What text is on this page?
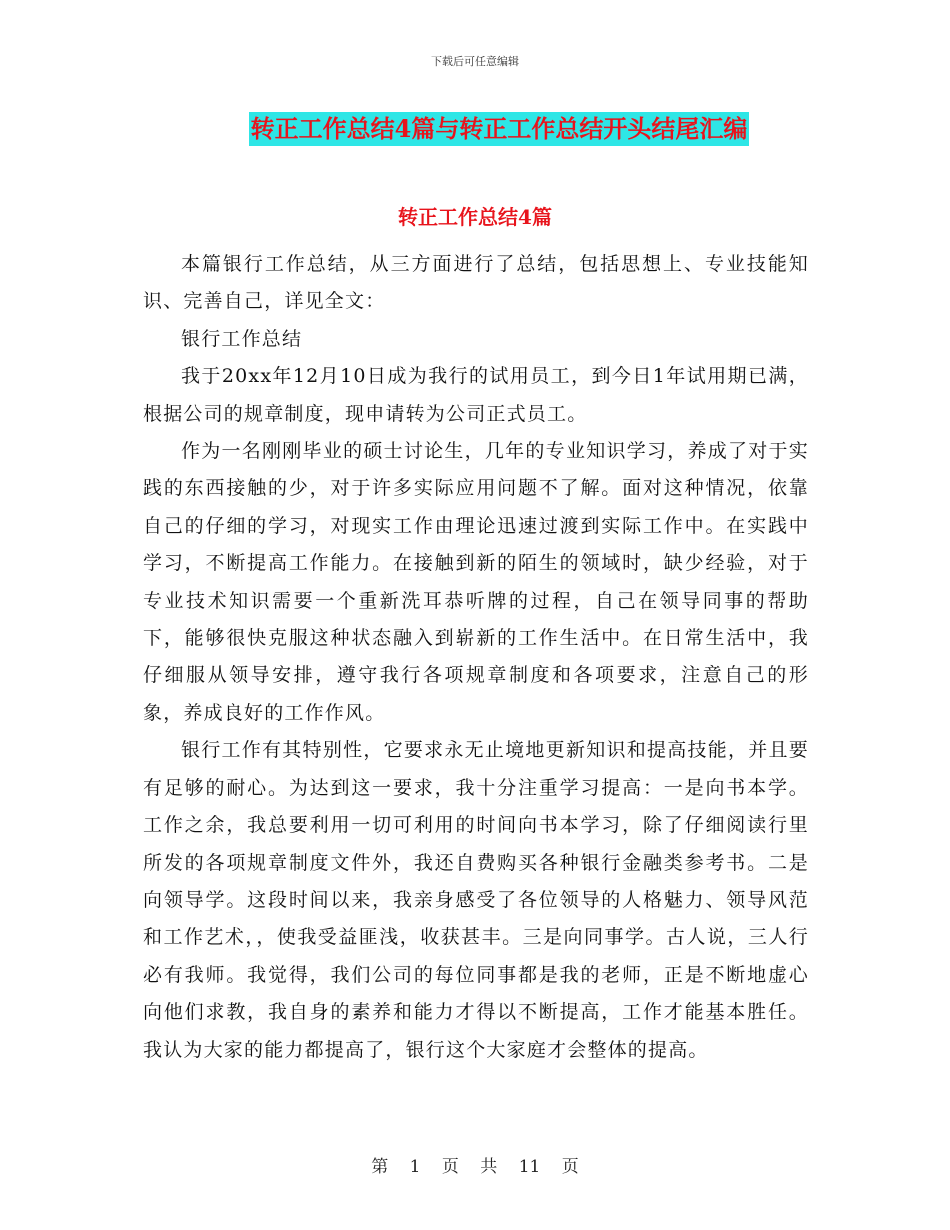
下载后可任意编辑
转正工作总结4篇与转正工作总结开头结尾汇编
转正工作总结4篇

本篇银行工作总结，从三方面进行了总结，包括思想上、专业技能知识、完善自己，详见全文：

银行工作总结

我于20xx年12月10日成为我行的试用员工，到今日1年试用期已满，根据公司的规章制度，现申请转为公司正式员工。

作为一名刚刚毕业的硕士讨论生，几年的专业知识学习，养成了对于实践的东西接触的少，对于许多实际应用问题不了解。面对这种情况，依靠自己的仔细的学习，对现实工作由理论迅速过渡到实际工作中。在实践中学习，不断提高工作能力。在接触到新的陌生的领域时，缺少经验，对于专业技术知识需要一个重新洗耳恭听牌的过程，自己在领导同事的帮助下，能够很快克服这种状态融入到崭新的工作生活中。在日常生活中，我仔细服从领导安排，遵守我行各项规章制度和各项要求，注意自己的形象，养成良好的工作作风。

银行工作有其特别性，它要求永无止境地更新知识和提高技能，并且要有足够的耐心。为达到这一要求，我十分注重学习提高：一是向书本学。工作之余，我总要利用一切可利用的时间向书本学习，除了仔细阅读行里所发的各项规章制度文件外，我还自费购买各种银行金融类参考书。二是向领导学。这段时间以来，我亲身感受了各位领导的人格魅力、领导风范和工作艺术，，使我受益匪浅，收获甚丰。三是向同事学。古人说，三人行必有我师。我觉得，我们公司的每位同事都是我的老师，正是不断地虚心向他们求教，我自身的素养和能力才得以不断提高，工作才能基本胜任。我认为大家的能力都提高了，银行这个大家庭才会整体的提高。

第 1 页 共 11 页
